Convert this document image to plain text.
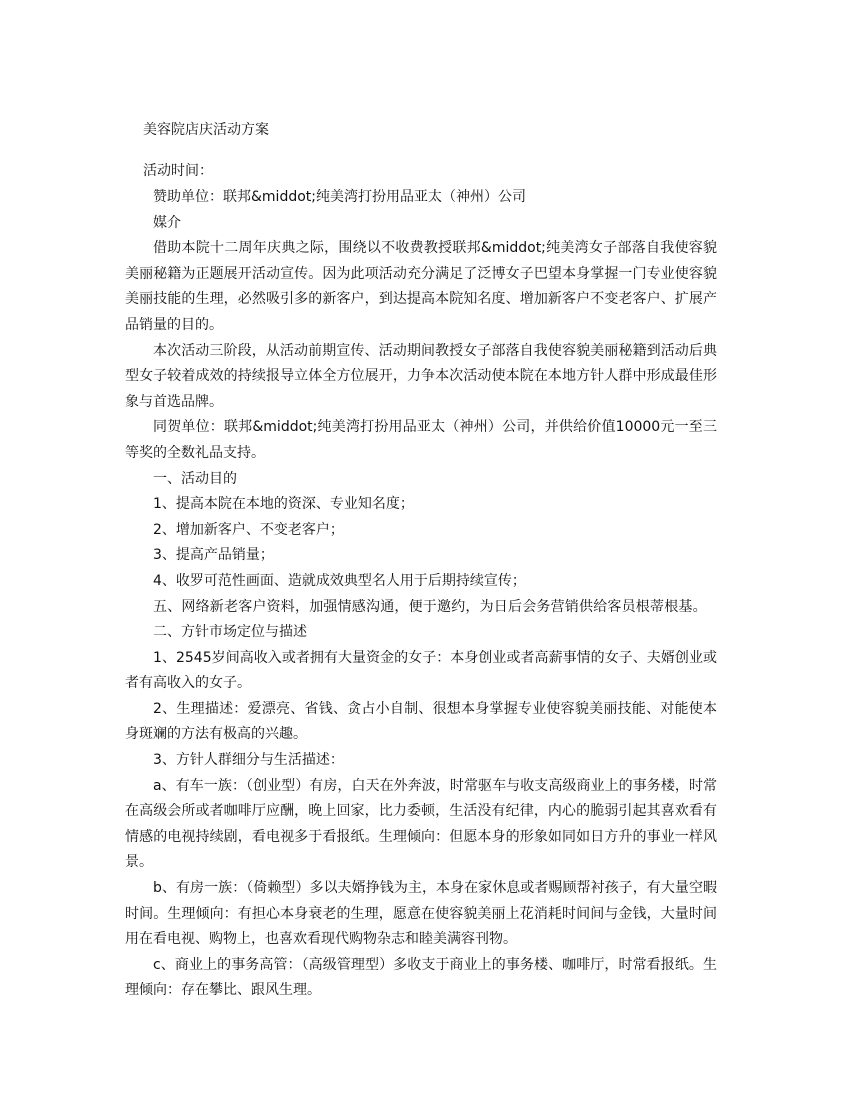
美容院店庆活动方案
活动时间：

赞助单位：联邦&middot;纯美湾打扮用品亚太（神州）公司

媒介

借助本院十二周年庆典之际，围绕以不收费教授联邦&middot;纯美湾女子部落自我使容貌美丽秘籍为正题展开活动宣传。因为此项活动充分满足了泛博女子巴望本身掌握一门专业使容貌美丽技能的生理，必然吸引多的新客户，到达提高本院知名度、增加新客户不变老客户、扩展产品销量的目的。

本次活动三阶段，从活动前期宣传、活动期间教授女子部落自我使容貌美丽秘籍到活动后典型女子较着成效的持续报导立体全方位展开，力争本次活动使本院在本地方针人群中形成最佳形象与首选品牌。

同贺单位：联邦&middot;纯美湾打扮用品亚太（神州）公司，并供给价值10000元一至三等奖的全数礼品支持。

一、活动目的

1、提高本院在本地的资深、专业知名度；

2、增加新客户、不变老客户；

3、提高产品销量；

4、收罗可范性画面、造就成效典型名人用于后期持续宣传；

五、网络新老客户资料，加强情感沟通，便于邀约，为日后会务营销供给客员根蒂根基。

二、方针市场定位与描述

1、2545岁间高收入或者拥有大量资金的女子：本身创业或者高薪事情的女子、夫婿创业或者有高收入的女子。

2、生理描述：爱漂亮、省钱、贪占小自制、很想本身掌握专业使容貌美丽技能、对能使本身斑斓的方法有极高的兴趣。

3、方针人群细分与生活描述：

a、有车一族：（创业型）有房，白天在外奔波，时常驱车与收支高级商业上的事务楼，时常在高级会所或者咖啡厅应酬，晚上回家，比力委顿，生活没有纪律，内心的脆弱引起其喜欢看有情感的电视持续剧，看电视多于看报纸。生理倾向：但愿本身的形象如同如日方升的事业一样风景。

b、有房一族：（倚赖型）多以夫婿挣钱为主，本身在家休息或者赐顾帮衬孩子，有大量空暇时间。生理倾向：有担心本身衰老的生理，愿意在使容貌美丽上花消耗时间间与金钱，大量时间用在看电视、购物上，也喜欢看现代购物杂志和睦美满容刊物。

c、商业上的事务高管：（高级管理型）多收支于商业上的事务楼、咖啡厅，时常看报纸。生理倾向：存在攀比、跟风生理。
